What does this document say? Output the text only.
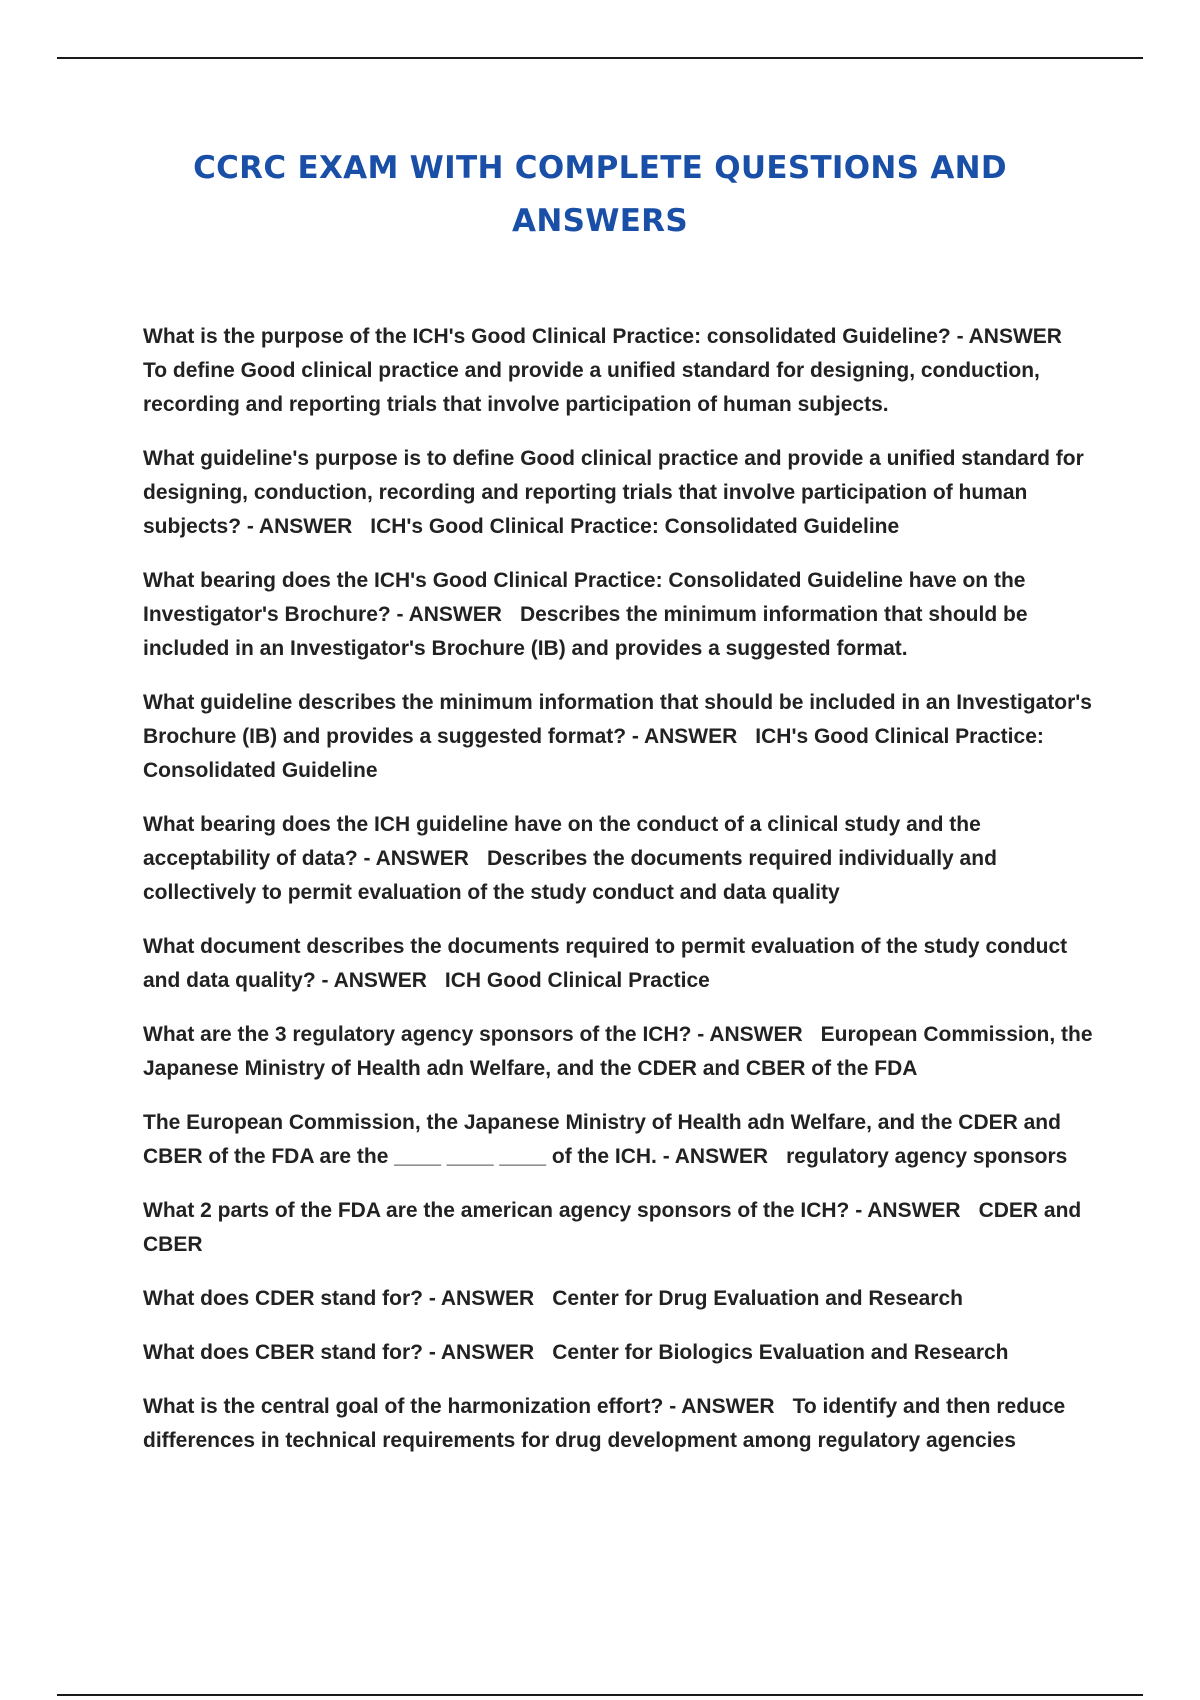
CCRC EXAM WITH COMPLETE QUESTIONS AND ANSWERS

What is the purpose of the ICH's Good Clinical Practice: consolidated Guideline? - ANSWERTo define Good clinical practice and provide a unified standard for designing, conduction, recording and reporting trials that involve participation of human subjects.

What guideline's purpose is to define Good clinical practice and provide a unified standard for designing, conduction, recording and reporting trials that involve participation of human subjects? - ANSWER ICH's Good Clinical Practice: Consolidated Guideline

What bearing does the ICH's Good Clinical Practice: Consolidated Guideline have on the Investigator's Brochure? - ANSWER Describes the minimum information that should be included in an Investigator's Brochure (IB) and provides a suggested format.

What guideline describes the minimum information that should be included in an Investigator's Brochure (IB) and provides a suggested format? - ANSWER ICH's Good Clinical Practice: Consolidated Guideline

What bearing does the ICH guideline have on the conduct of a clinical study and the acceptability of data? - ANSWER Describes the documents required individually and collectively to permit evaluation of the study conduct and data quality

What document describes the documents required to permit evaluation of the study conduct and data quality? - ANSWER ICH Good Clinical Practice

What are the 3 regulatory agency sponsors of the ICH? - ANSWER European Commission, the Japanese Ministry of Health adn Welfare, and the CDER and CBER of the FDA

The European Commission, the Japanese Ministry of Health adn Welfare, and the CDER and CBER of the FDA are the ____ ____ ____ of the ICH. - ANSWER regulatory agency sponsors

What 2 parts of the FDA are the american agency sponsors of the ICH? - ANSWER CDER and CBER

What does CDER stand for? - ANSWER Center for Drug Evaluation and Research

What does CBER stand for? - ANSWER Center for Biologics Evaluation and Research

What is the central goal of the harmonization effort? - ANSWER To identify and then reduce differences in technical requirements for drug development among regulatory agencies
